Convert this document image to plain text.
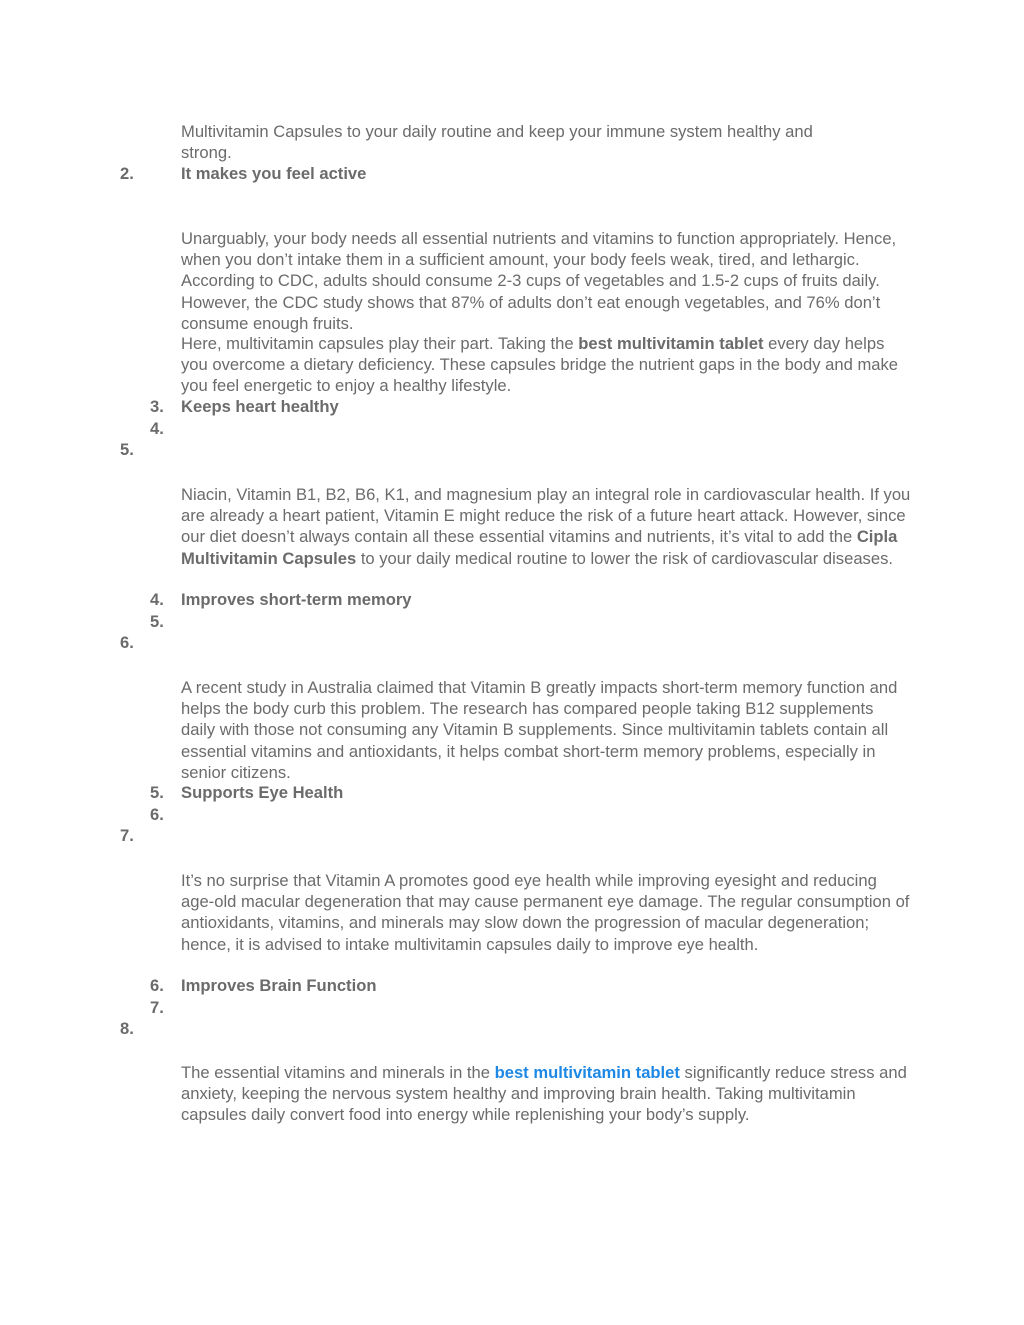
Multivitamin Capsules to your daily routine and keep your immune system healthy and
strong.
2.	It makes you feel active

Unarguably, your body needs all essential nutrients and vitamins to function appropriately. Hence, when you don’t intake them in a sufficient amount, your body feels weak, tired, and lethargic. According to CDC, adults should consume 2-3 cups of vegetables and 1.5-2 cups of fruits daily. However, the CDC study shows that 87% of adults don’t eat enough vegetables, and 76% don’t consume enough fruits.

Here, multivitamin capsules play their part. Taking the best multivitamin tablet every day helps you overcome a dietary deficiency. These capsules bridge the nutrient gaps in the body and make you feel energetic to enjoy a healthy lifestyle.

3. Keeps heart healthy
4.
5.

Niacin, Vitamin B1, B2, B6, K1, and magnesium play an integral role in cardiovascular health. If you are already a heart patient, Vitamin E might reduce the risk of a future heart attack. However, since our diet doesn’t always contain all these essential vitamins and nutrients, it’s vital to add the Cipla Multivitamin Capsules to your daily medical routine to lower the risk of cardiovascular diseases.

4. Improves short-term memory
5.
6.

A recent study in Australia claimed that Vitamin B greatly impacts short-term memory function and helps the body curb this problem. The research has compared people taking B12 supplements daily with those not consuming any Vitamin B supplements. Since multivitamin tablets contain all essential vitamins and antioxidants, it helps combat short-term memory problems, especially in senior citizens.

5. Supports Eye Health
6.
7.

It’s no surprise that Vitamin A promotes good eye health while improving eyesight and reducing age-old macular degeneration that may cause permanent eye damage. The regular consumption of antioxidants, vitamins, and minerals may slow down the progression of macular degeneration; hence, it is advised to intake multivitamin capsules daily to improve eye health.

6. Improves Brain Function
7.
8.

The essential vitamins and minerals in the best multivitamin tablet significantly reduce stress and anxiety, keeping the nervous system healthy and improving brain health. Taking multivitamin capsules daily convert food into energy while replenishing your body’s supply.
